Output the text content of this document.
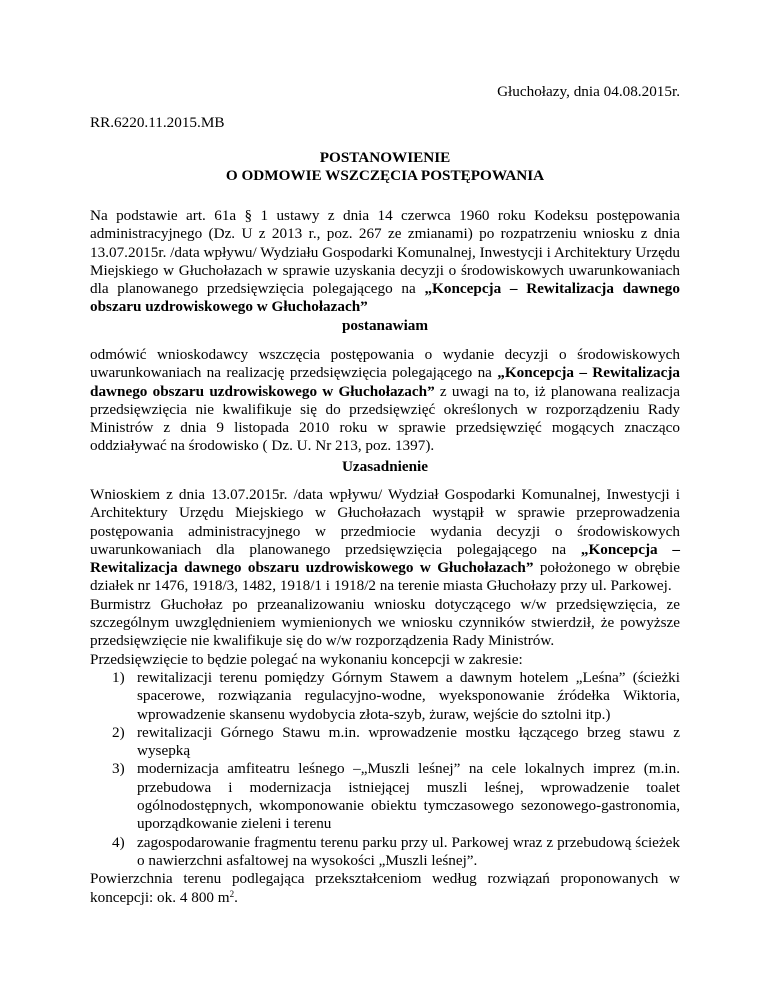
Głuchołazy, dnia 04.08.2015r.
RR.6220.11.2015.MB
POSTANOWIENIE
O ODMOWIE WSZCZĘCIA POSTĘPOWANIA

Na podstawie art. 61a § 1 ustawy z dnia 14 czerwca 1960 roku Kodeksu postępowania administracyjnego (Dz. U z 2013 r., poz. 267 ze zmianami) po rozpatrzeniu wniosku z dnia 13.07.2015r. /data wpływu/ Wydziału Gospodarki Komunalnej, Inwestycji i Architektury Urzędu Miejskiego w Głuchołazach w sprawie uzyskania decyzji o środowiskowych uwarunkowaniach dla planowanego przedsięwzięcia polegającego na „Koncepcja – Rewitalizacja dawnego obszaru uzdrowiskowego w Głuchołazach”

postanawiam

odmówić wnioskodawcy wszczęcia postępowania o wydanie decyzji o środowiskowych uwarunkowaniach na realizację przedsięwzięcia polegającego na „Koncepcja – Rewitalizacja dawnego obszaru uzdrowiskowego w Głuchołazach” z uwagi na to, iż planowana realizacja przedsięwzięcia nie kwalifikuje się do przedsięwzięć określonych w rozporządzeniu Rady Ministrów z dnia 9 listopada 2010 roku w sprawie przedsięwzięć mogących znacząco oddziaływać na środowisko ( Dz. U. Nr 213, poz. 1397).

Uzasadnienie

Wnioskiem z dnia 13.07.2015r. /data wpływu/ Wydział Gospodarki Komunalnej, Inwestycji i Architektury Urzędu Miejskiego w Głuchołazach wystąpił w sprawie przeprowadzenia postępowania administracyjnego w przedmiocie wydania decyzji o środowiskowych uwarunkowaniach dla planowanego przedsięwzięcia polegającego na „Koncepcja – Rewitalizacja dawnego obszaru uzdrowiskowego w Głuchołazach” położonego w obrębie działek nr 1476, 1918/3, 1482, 1918/1 i 1918/2 na terenie miasta Głuchołazy przy ul. Parkowej.

Burmistrz Głuchołaz po przeanalizowaniu wniosku dotyczącego w/w przedsięwzięcia, ze szczególnym uwzględnieniem wymienionych we wniosku czynników stwierdził, że powyższe przedsięwzięcie nie kwalifikuje się do w/w rozporządzenia Rady Ministrów.

Przedsięwzięcie to będzie polegać na wykonaniu koncepcji w zakresie:

1) rewitalizacji terenu pomiędzy Górnym Stawem a dawnym hotelem „Leśna” (ścieżki spacerowe, rozwiązania regulacyjno-wodne, wyeksponowanie źródełka Wiktoria, wprowadzenie skansenu wydobycia złota-szyb, żuraw, wejście do sztolni itp.)
2) rewitalizacji Górnego Stawu m.in. wprowadzenie mostku łączącego brzeg stawu z wysepką
3) modernizacja amfiteatru leśnego –„Muszli leśnej” na cele lokalnych imprez (m.in. przebudowa i modernizacja istniejącej muszli leśnej, wprowadzenie toalet ogólnodostępnych, wkomponowanie obiektu tymczasowego sezonowego-gastronomia, uporządkowanie zieleni i terenu
4) zagospodarowanie fragmentu terenu parku przy ul. Parkowej wraz z przebudową ścieżek o nawierzchni asfaltowej na wysokości „Muszli leśnej”.

Powierzchnia terenu podlegająca przekształceniom według rozwiązań proponowanych w koncepcji: ok. 4 800 $m^2$.
